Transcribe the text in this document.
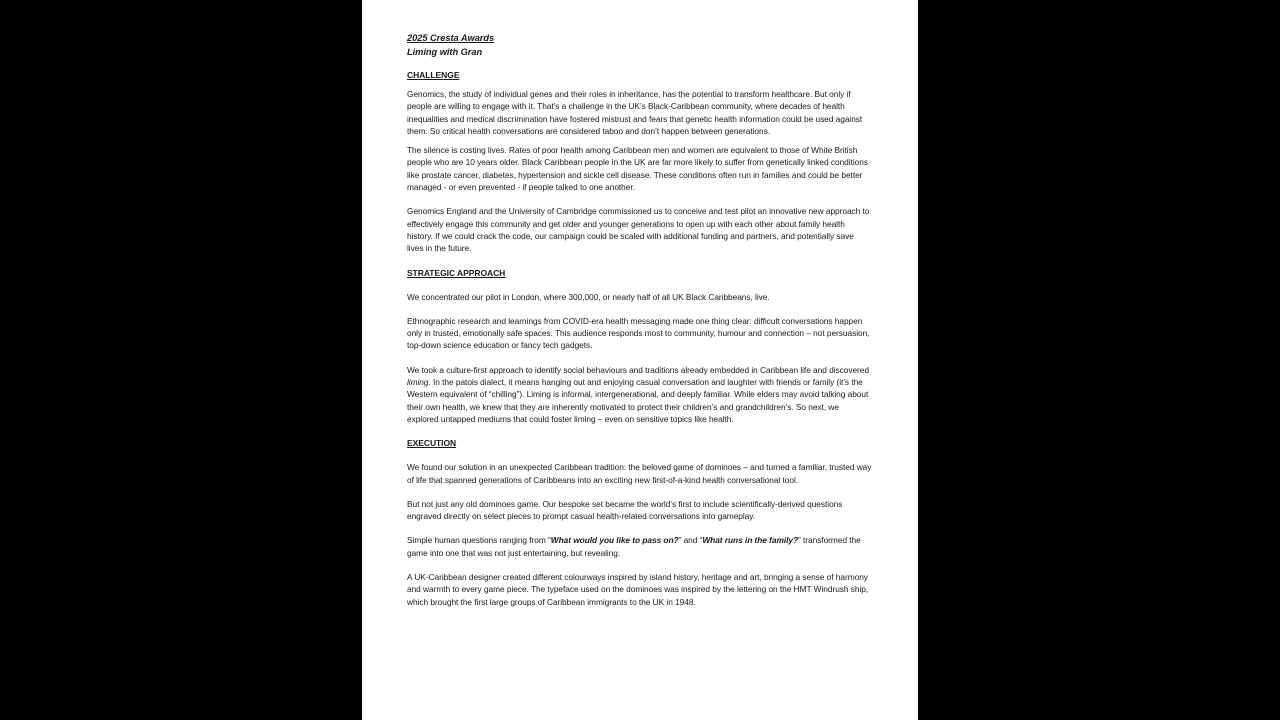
2025 Cresta Awards
Liming with Gran
CHALLENGE

Genomics, the study of individual genes and their roles in inheritance, has the potential to transform healthcare. But only if people are willing to engage with it. That’s a challenge in the UK’s Black-Caribbean community, where decades of health inequalities and medical discrimination have fostered mistrust and fears that genetic health information could be used against them. So critical health conversations are considered taboo and don’t happen between generations.

The silence is costing lives. Rates of poor health among Caribbean men and women are equivalent to those of White British people who are 10 years older. Black Caribbean people in the UK are far more likely to suffer from genetically linked conditions like prostate cancer, diabetes, hypertension and sickle cell disease. These conditions often run in families and could be better managed - or even prevented - if people talked to one another.

Genomics England and the University of Cambridge commissioned us to conceive and test pilot an innovative new approach to effectively engage this community and get older and younger generations to open up with each other about family health history. If we could crack the code, our campaign could be scaled with additional funding and partners, and potentially save lives in the future.

STRATEGIC APPROACH

We concentrated our pilot in London, where 300,000, or nearly half of all UK Black Caribbeans, live.

Ethnographic research and learnings from COVID-era health messaging made one thing clear: difficult conversations happen only in trusted, emotionally safe spaces. This audience responds most to community, humour and connection – not persuasion, top-down science education or fancy tech gadgets.

We took a culture-first approach to identify social behaviours and traditions already embedded in Caribbean life and discovered liming. In the patois dialect, it means hanging out and enjoying casual conversation and laughter with friends or family (it’s the Western equivalent of “chilling”). Liming is informal, intergenerational, and deeply familiar. While elders may avoid talking about their own health, we knew that they are inherently motivated to protect their children’s and grandchildren’s. So next, we explored untapped mediums that could foster liming – even on sensitive topics like health.

EXECUTION

We found our solution in an unexpected Caribbean tradition: the beloved game of dominoes – and turned a familiar, trusted way of life that spanned generations of Caribbeans into an exciting new first-of-a-kind health conversational tool.

But not just any old dominoes game. Our bespoke set became the world’s first to include scientifically-derived questions engraved directly on select pieces to prompt casual health-related conversations into gameplay.

Simple human questions ranging from “What would you like to pass on?” and “What runs in the family?” transformed the game into one that was not just entertaining, but revealing.

A UK-Caribbean designer created different colourways inspired by island history, heritage and art, bringing a sense of harmony and warmth to every game piece. The typeface used on the dominoes was inspired by the lettering on the HMT Windrush ship, which brought the first large groups of Caribbean immigrants to the UK in 1948.
